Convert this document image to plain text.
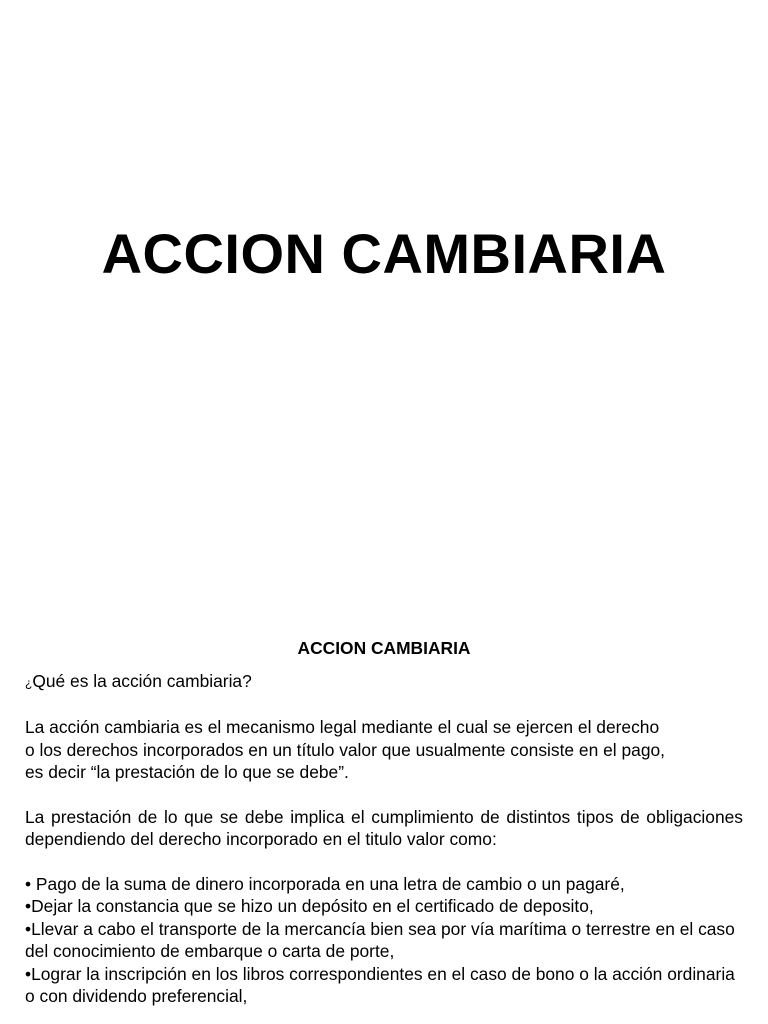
ACCION CAMBIARIA
ACCION CAMBIARIA
¿Qué es la acción cambiaria?
La acción cambiaria es el mecanismo legal mediante el cual se ejercen el derecho
o los derechos incorporados en un título valor que usualmente consiste en el pago,
es decir “la prestación de lo que se debe”.
La prestación de lo que se debe implica el cumplimiento de distintos tipos de obligaciones dependiendo del derecho incorporado en el titulo valor como:
• Pago de la suma de dinero incorporada en una letra de cambio o un pagaré,
•Dejar la constancia que se hizo un depósito en el certificado de deposito,
•Llevar a cabo el transporte de la mercancía bien sea por vía marítima o terrestre en el caso del conocimiento de embarque o carta de porte,
•Lograr la inscripción en los libros correspondientes en el caso de bono o la acción ordinaria o con dividendo preferencial,
